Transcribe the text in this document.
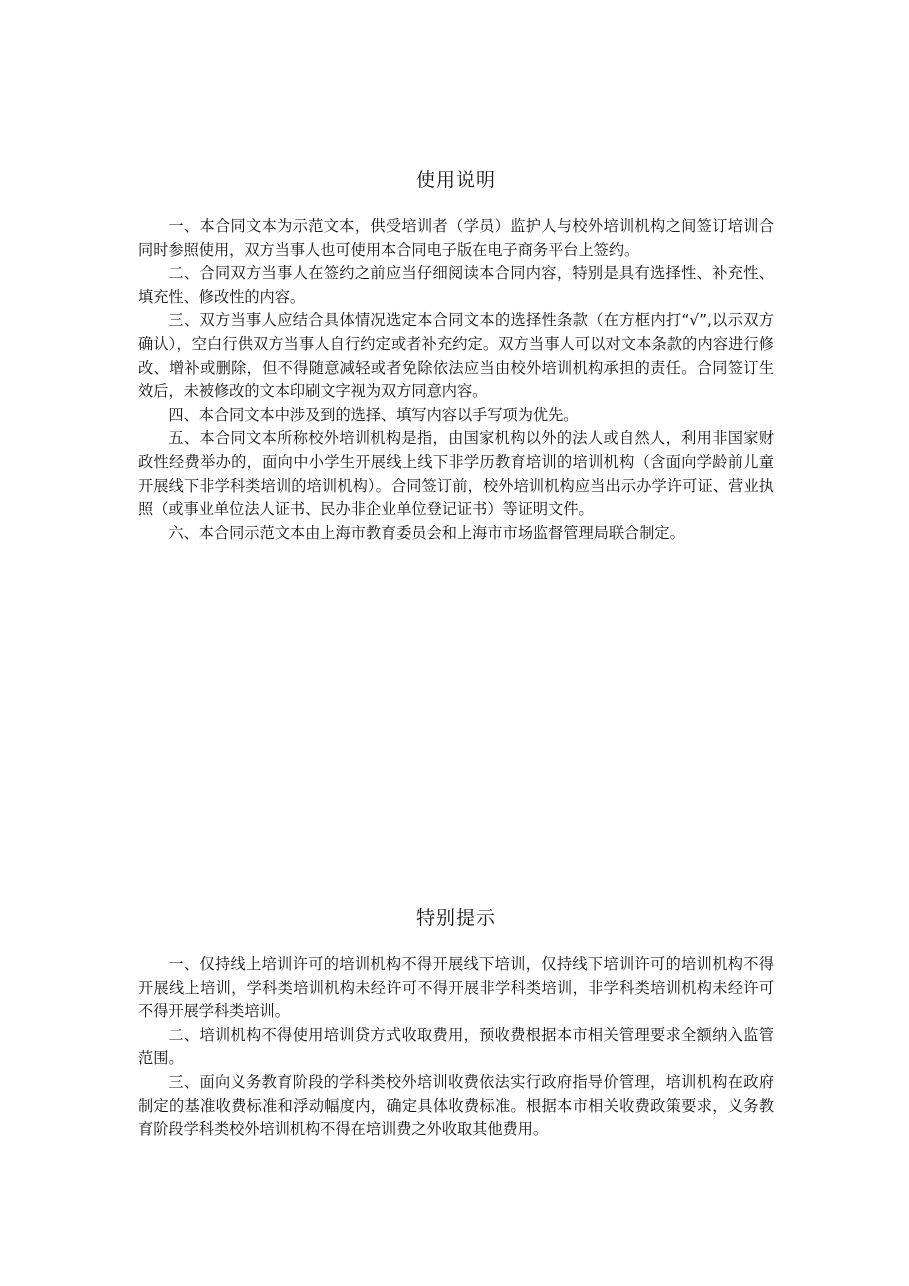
使用说明

一、本合同文本为示范文本，供受培训者（学员）监护人与校外培训机构之间签订培训合同时参照使用，双方当事人也可使用本合同电子版在电子商务平台上签约。

二、合同双方当事人在签约之前应当仔细阅读本合同内容，特别是具有选择性、补充性、填充性、修改性的内容。

三、双方当事人应结合具体情况选定本合同文本的选择性条款（在方框内打“√”,以示双方确认），空白行供双方当事人自行约定或者补充约定。双方当事人可以对文本条款的内容进行修改、增补或删除，但不得随意减轻或者免除依法应当由校外培训机构承担的责任。合同签订生效后，未被修改的文本印刷文字视为双方同意内容。

四、本合同文本中涉及到的选择、填写内容以手写项为优先。

五、本合同文本所称校外培训机构是指，由国家机构以外的法人或自然人，利用非国家财政性经费举办的，面向中小学生开展线上线下非学历教育培训的培训机构（含面向学龄前儿童开展线下非学科类培训的培训机构）。合同签订前，校外培训机构应当出示办学许可证、营业执照（或事业单位法人证书、民办非企业单位登记证书）等证明文件。

六、本合同示范文本由上海市教育委员会和上海市市场监督管理局联合制定。

特别提示

一、仅持线上培训许可的培训机构不得开展线下培训，仅持线下培训许可的培训机构不得开展线上培训，学科类培训机构未经许可不得开展非学科类培训，非学科类培训机构未经许可不得开展学科类培训。

二、培训机构不得使用培训贷方式收取费用，预收费根据本市相关管理要求全额纳入监管范围。

三、面向义务教育阶段的学科类校外培训收费依法实行政府指导价管理，培训机构在政府制定的基准收费标准和浮动幅度内，确定具体收费标准。根据本市相关收费政策要求，义务教育阶段学科类校外培训机构不得在培训费之外收取其他费用。
